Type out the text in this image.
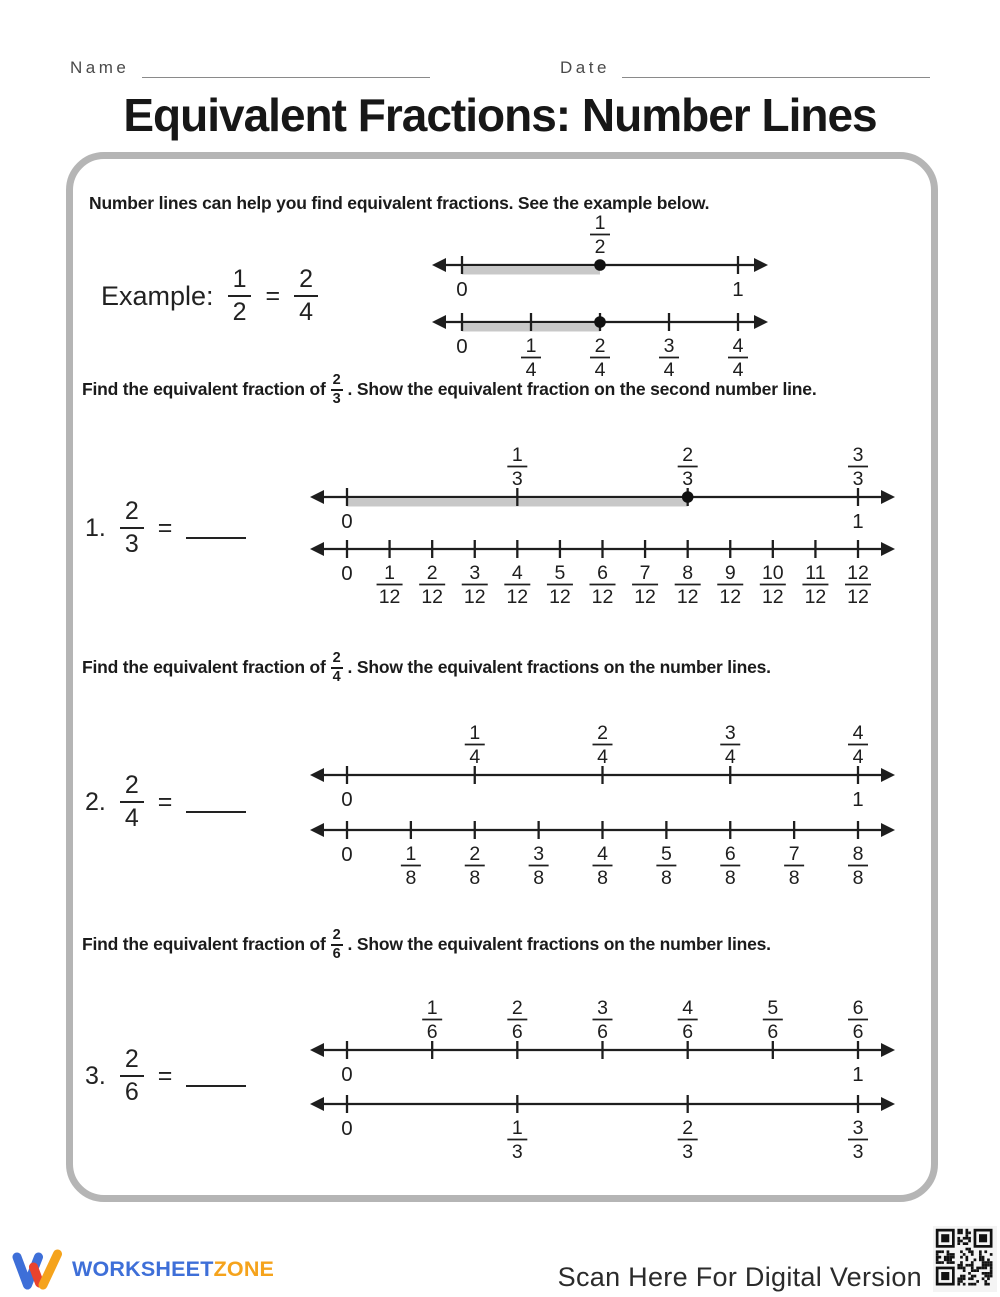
Name	Date
Equivalent Fractions: Number Lines
Number lines can help you find equivalent fractions. See the example below.
Example: $\frac{1}{2} = \frac{2}{4}$
WORKSHEETZONE	Scan Here For Digital Version
1
2
0	1
0	1
4
2
4
3
4
4
4
Find the equivalent fraction of $\frac{2}{3}$ . Show the equivalent fraction on the second number line.
1. $\frac{2}{3}$ =
1
3
2
3
3
3
0	1
0 1
12
2
12
3
12
4
12
5
12
6
12
7
12
8
12
9
12
10
12
11
12
12
12
Find the equivalent fraction of $\frac{2}{4}$ . Show the equivalent fractions on the number lines.
2. $\frac{2}{4}$ =
1
4
2
4
3
4
4
4
0	1
0	1
8
2
8
3
8
4
8
5
8
6
8
7
8
8
8
Find the equivalent fraction of $\frac{2}{6}$ . Show the equivalent fractions on the number lines.
3. $\frac{2}{6}$ =
1
6
2
6
3
6
4
6
5
6
6
6
0	1
0	1
3
2
3
3
3
